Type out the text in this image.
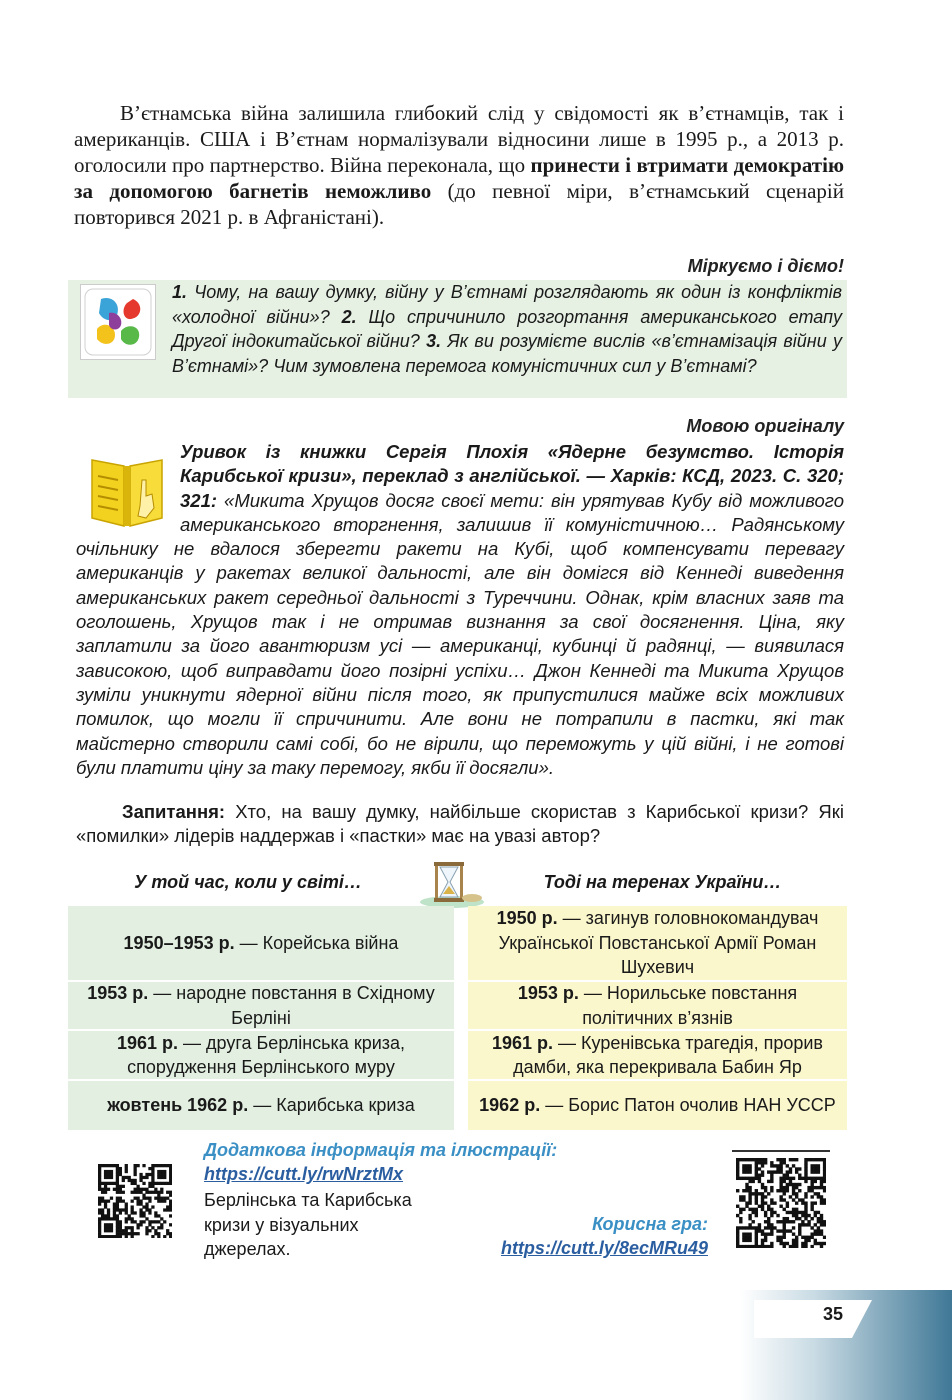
В’єтнамська війна залишила глибокий слід у свідомості як в’єтнамців, так і американців. США і В’єтнам нормалізували відносини лише в 1995 р., а 2013 р. оголосили про партнерство. Війна переконала, що принести і втримати демократію за допомогою багнетів неможливо (до певної міри, в’єтнамський сценарій повторився 2021 р. в Афганістані).

Міркуємо і діємо!

1. Чому, на вашу думку, війну у В’єтнамі розглядають як один із конфліктів «холодної війни»? 2. Що спричинило розгортання американського етапу Другої індокитайської війни? 3. Як ви розумієте вислів «в’єтнамізація війни у В’єтнамі»? Чим зумовлена перемога комуністичних сил у В’єтнамі?

Мовою оригіналу

Уривок із книжки Сергія Плохія «Ядерне безумство. Історія Карибської кризи», переклад з англійської. — Харків: КСД, 2023. С. 320; 321: «Микита Хрущов досяг своєї мети: він урятував Кубу від можливого американського вторгнення, залишив її комуністичною… Радянському очільнику не вдалося зберегти ракети на Кубі, щоб компенсувати перевагу американців у ракетах великої дальності, але він домігся від Кеннеді виведення американських ракет середньої дальності з Туреччини. Однак, крім власних заяв та оголошень, Хрущов так і не отримав визнання за свої досягнення. Ціна, яку заплатили за його авантюризм усі — американці, кубинці й радянці, — виявилася зависокою, щоб виправдати його позірні успіхи… Джон Кеннеді та Микита Хрущов зуміли уникнути ядерної війни після того, як припустилися майже всіх можливих помилок, що могли її спричинити. Але вони не потрапили в пастки, які так майстерно створили самі собі, бо не вірили, що переможуть у цій війні, і не готові були платити ціну за таку перемогу, якби її досягли».

Запитання: Хто, на вашу думку, найбільше скористав з Карибської кризи? Які «помилки» лідерів наддержав і «пастки» має на увазі автор?

У той час, коли у світі…	Тоді на теренах України…
1950–1953 р. — Корейська війна
1953 р. — народне повстання в Східному Берліні
1961 р. — друга Берлінська криза, спорудження Берлінського муру
жовтень 1962 р. — Карибська криза
1950 р. — загинув головнокомандувач Української Повстанської Армії Роман Шухевич
1953 р. — Норильське повстання політичних в’язнів
1961 р. — Куренівська трагедія, прорив дамби, яка перекривала Бабин Яр
1962 р. — Борис Патон очолив НАН УССР
Додаткова інформація та ілюстрації:
https://cutt.ly/rwNrztMx
Берлінська та Карибська кризи у візуальних джерелах.
Корисна гра:
https://cutt.ly/8ecMRu49
35
